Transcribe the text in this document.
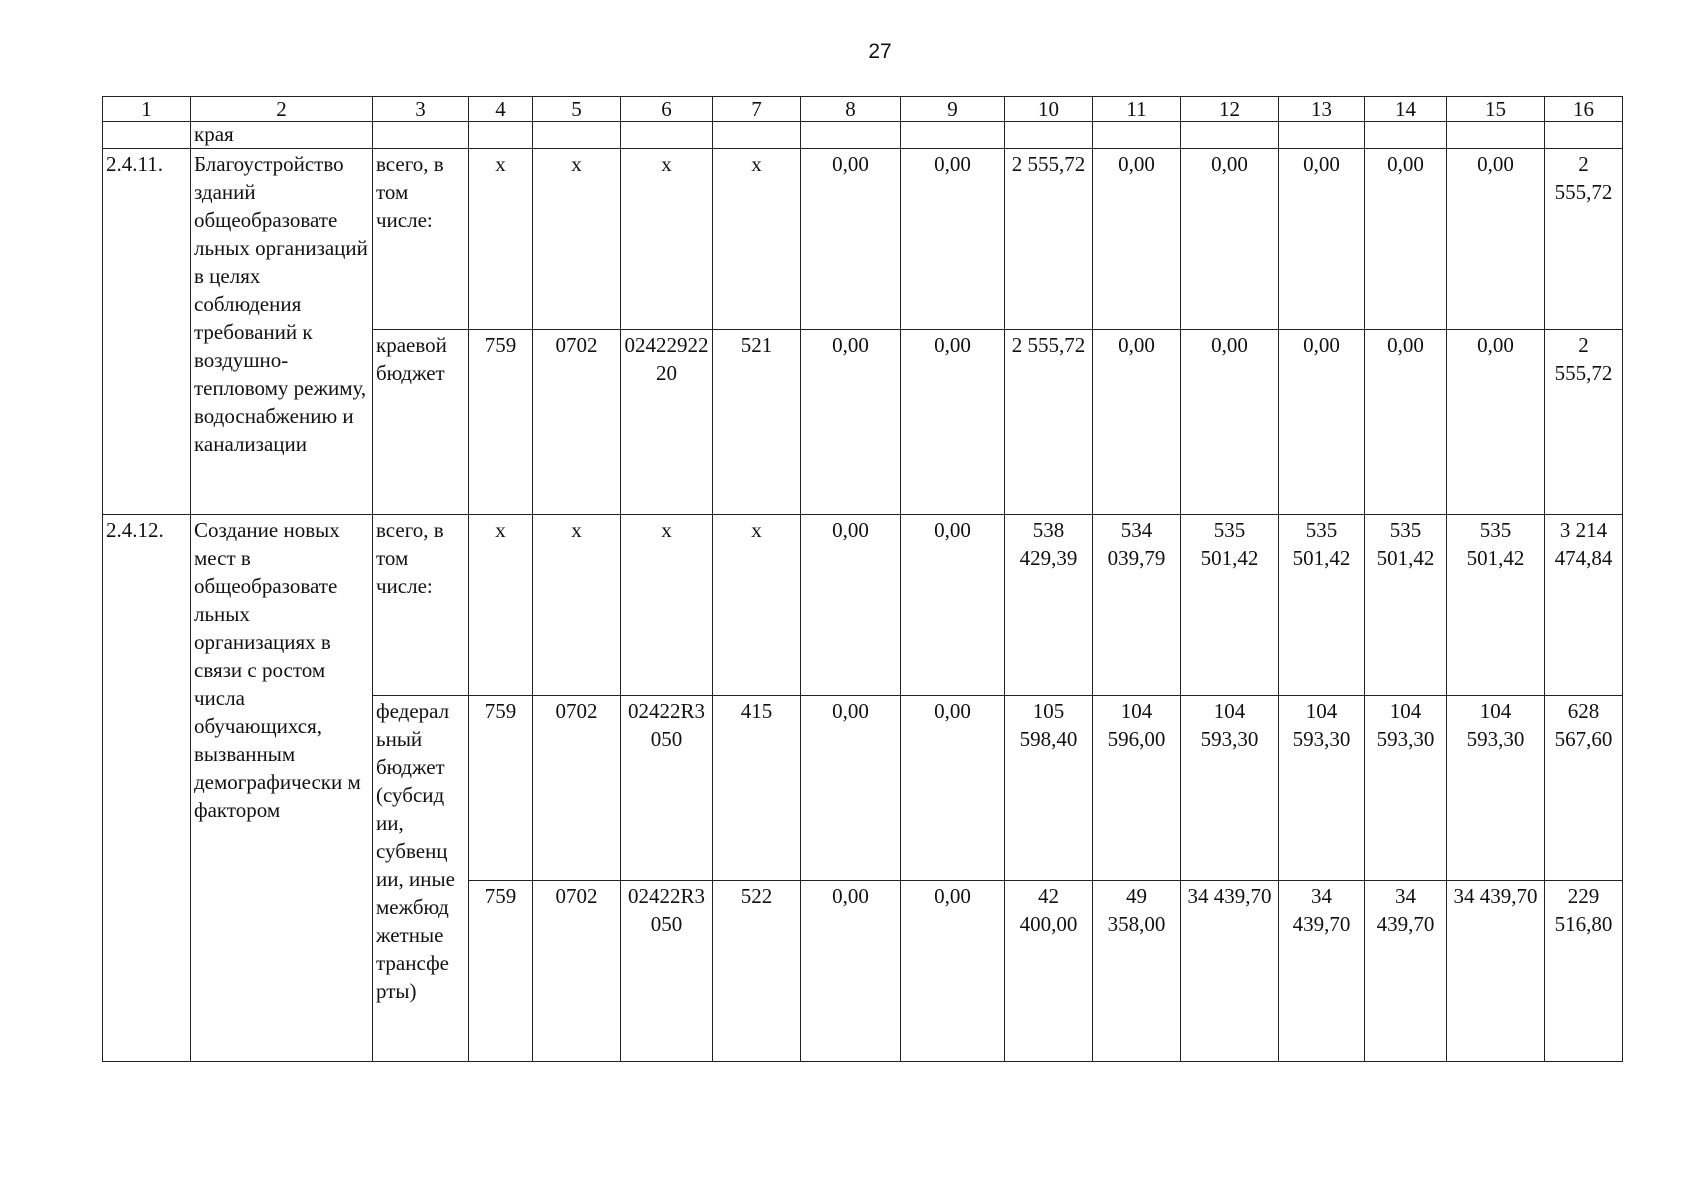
27
1	2	3	4	5	6	7	8	9	10	11	12	13	14	15	16
	края														
2.4.11.	Благоустройство зданий общеобразовате льных организаций в целях соблюдения требований к воздушно-тепловому режиму, водоснабжению и канализации	всего, в том числе:	х	х	х	х	0,00	0,00	2 555,72	0,00	0,00	0,00	0,00	0,00	2 555,72
		краевой бюджет	759	0702	0242292220	521	0,00	0,00	2 555,72	0,00	0,00	0,00	0,00	0,00	2 555,72
2.4.12.	Создание новых мест в общеобразовате льных организациях в связи с ростом числа обучающихся, вызванным демографически м фактором	всего, в том числе:	х	х	х	х	0,00	0,00	538 429,39	534 039,79	535 501,42	535 501,42	535 501,42	535 501,42	3 214 474,84
		федерал ьный бюджет (субсид ии, субвенц ии, иные межбюд жетные трансфе рты)	759	0702	02422R3050	415	0,00	0,00	105 598,40	104 596,00	104 593,30	104 593,30	104 593,30	104 593,30	628 567,60
			759	0702	02422R3050	522	0,00	0,00	42 400,00	49 358,00	34 439,70	34 439,70	34 439,70	34 439,70	229 516,80
